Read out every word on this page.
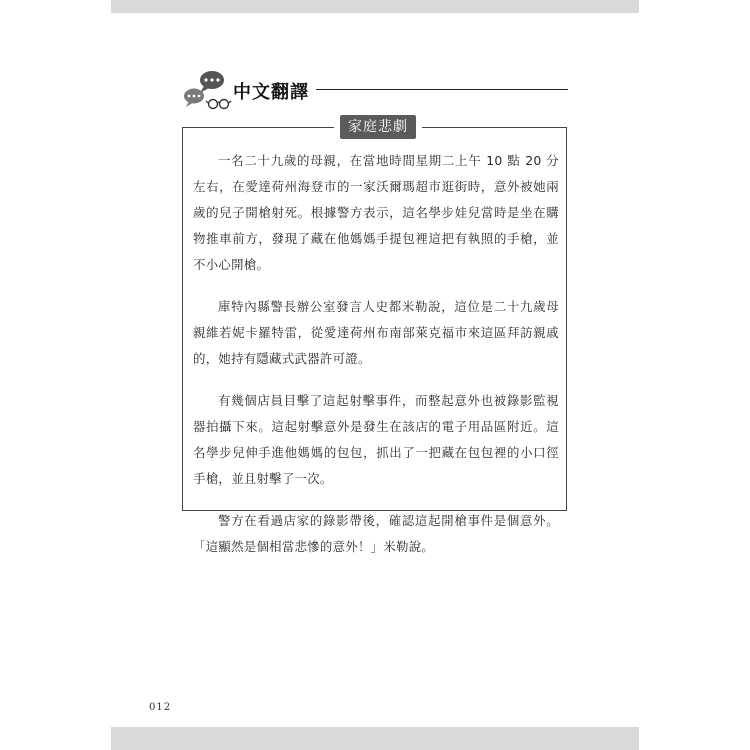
中文翻譯
家庭悲劇

一名二十九歲的母親，在當地時間星期二上午 10 點 20 分左右，在愛達荷州海登市的一家沃爾瑪超市逛街時，意外被她兩歲的兒子開槍射死。根據警方表示，這名學步娃兒當時是坐在購物推車前方，發現了藏在他媽媽手提包裡這把有執照的手槍，並不小心開槍。

庫特內縣警長辦公室發言人史都米勒說，這位是二十九歲母親維若妮卡羅特雷，從愛達荷州布南部萊克福市來這區拜訪親戚的，她持有隱藏式武器許可證。

有幾個店員目擊了這起射擊事件，而整起意外也被錄影監視器拍攝下來。這起射擊意外是發生在該店的電子用品區附近。這名學步兒伸手進他媽媽的包包，抓出了一把藏在包包裡的小口徑手槍，並且射擊了一次。

警方在看過店家的錄影帶後，確認這起開槍事件是個意外。「這顯然是個相當悲慘的意外！」米勒說。

012
